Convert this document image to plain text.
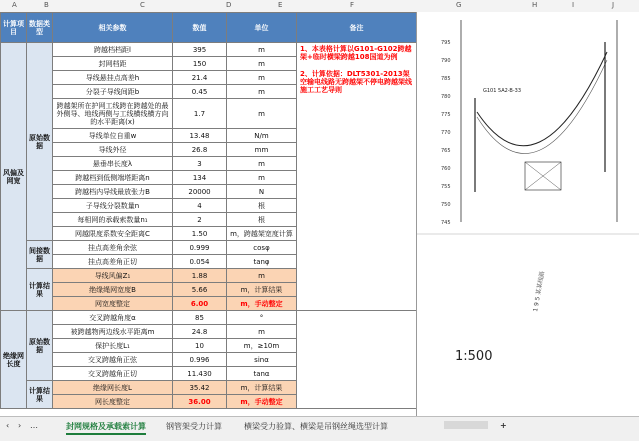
A	B	C	D	E	F	G	H	I	J
计算项目	数据类型	相关参数	数值	单位	备注
风偏及网宽	原始数据	跨越档档距l	395	m	1、本表格计算以G101-G102跨越架+临时横梁跨越108国道为例
2、计算依据：DLT5301-2013架空输电线路无跨越架不停电跨越架线施工工艺导则

		封网档距	150	m	
		导线悬挂点高差h	21.4	m	
		分裂子导线间距b	0.45	m	
		跨越架所在护网工线跨在跨越处的最外侧导、地线两侧与工线横线横方向的水平距离(x)	1.7	m	
		导线单位自重w	13.48	N/m	
		导线外径	26.8	mm	
		悬垂串长度λ	3	m	
		跨越档到低侧端塔距离n	134	m	
		跨越档内导线最放张力B	20000	N	
		子导线分裂数量n	4	根	
		每相网的承载索数量n₁	2	根	
		网越限度系数安全距离C	1.50	m，跨越架宽度计算	
	间接数据	挂点高差角余弦	0.999	cosφ	
		挂点高差角正切	0.054	tanφ	
	计算结果	导线风偏Z₁	1.88	m	
		绝缘绳网宽度B	5.66	m，计算结果	
		网宽度整定	6.00	m，手动整定	
绝缘网长度	原始数据	交叉跨越角度α	85	°	
		被跨越物两边线水平距离m	24.8	m	
		保护长度L₁	10	m，≥10m	
		交叉跨越角正弦	0.996	sinα	
		交叉跨越角正切	11.430	tanα	
	计算结果	绝缘网长度L	35.42	m，计算结果	
		网长度整定	36.00	m，手动整定	
795
790
785
780
775
770
765
760
755
750
745
G101 5A2-B-33
1:500
1 9 5 某某线路
‹ › …	封网规格及承载索计算	钢管架受力计算	横梁受力验算、横梁是吊钢丝绳选型计算	+
